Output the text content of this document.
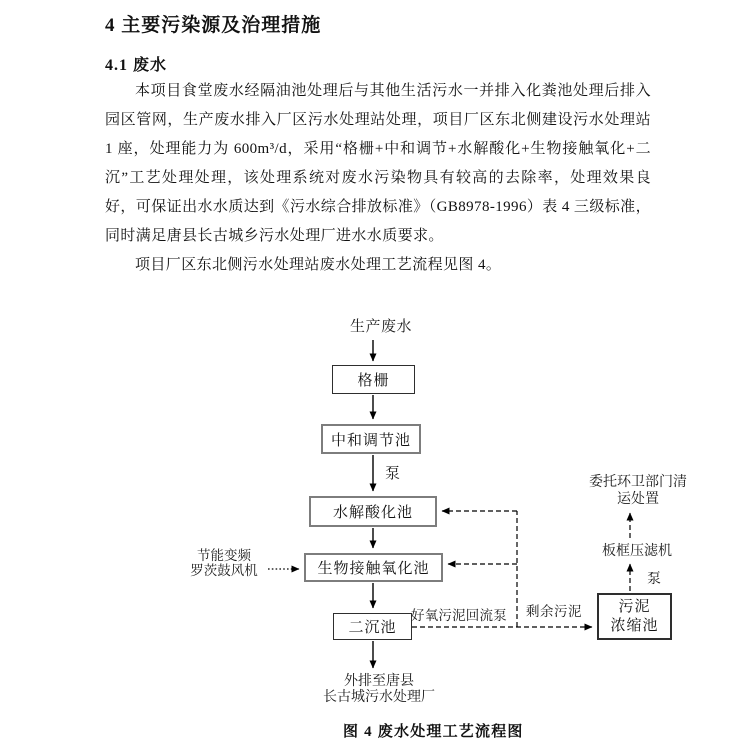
4 主要污染源及治理措施
4.1 废水

本项目食堂废水经隔油池处理后与其他生活污水一并排入化粪池处理后排入园区管网，生产废水排入厂区污水处理站处理，项目厂区东北侧建设污水处理站 1 座，处理能力为 600m³/d，采用“格栅+中和调节+水解酸化+生物接触氧化+二沉”工艺处理处理，该处理系统对废水污染物具有较高的去除率，处理效果良好，可保证出水水质达到《污水综合排放标准》（GB8978-1996）表 4 三级标准，同时满足唐县长古城乡污水处理厂进水水质要求。

项目厂区东北侧污水处理站废水处理工艺流程见图 4。

格栅
中和调节池
水解酸化池
生物接触氧化池
二沉池
污泥
浓缩池
生产废水
泵
节能变频
罗茨鼓风机
好氧污泥回流泵 剩余污泥
板框压滤机
泵
委托环卫部门清
运处置
外排至唐县
长古城污水处理厂
图 4 废水处理工艺流程图
